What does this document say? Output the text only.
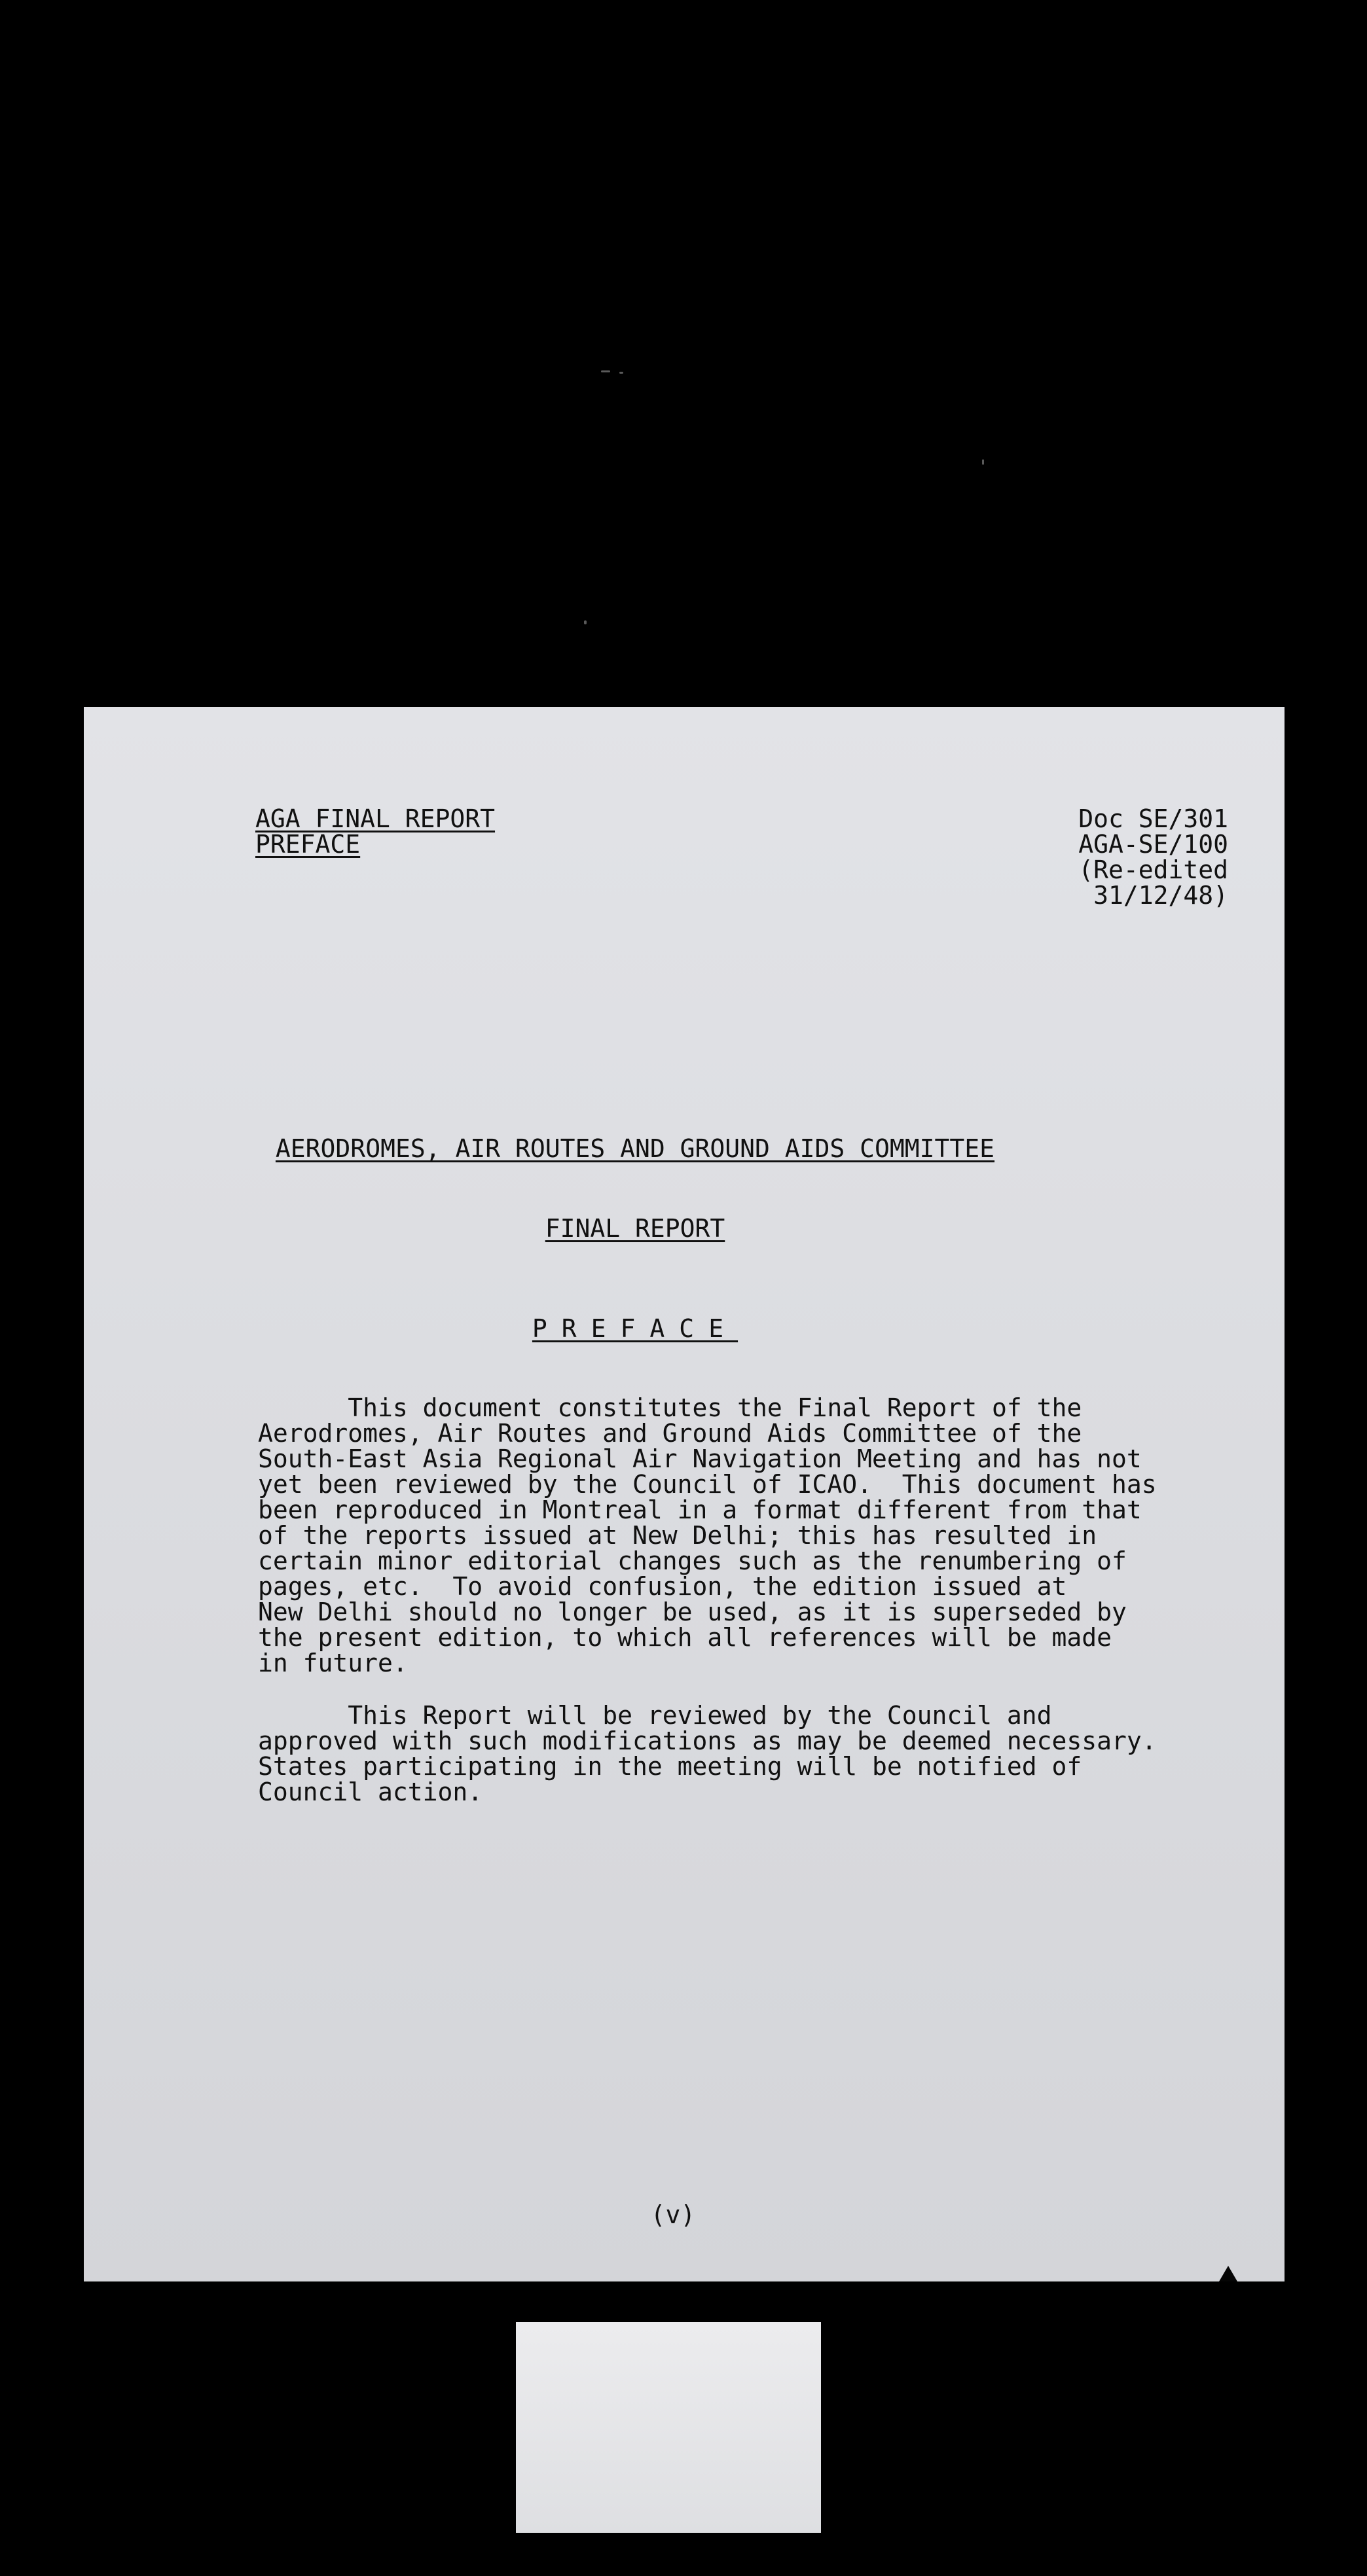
AGA FINAL REPORT
PREFACE
Doc SE/301
AGA-SE/100
(Re-edited
31/12/48)
AERODROMES, AIR ROUTES AND GROUND AIDS COMMITTEE
FINAL REPORT
PREFACE
This document constitutes the Final Report of the
Aerodromes, Air Routes and Ground Aids Committee of the
South-East Asia Regional Air Navigation Meeting and has not
yet been reviewed by the Council of ICAO.  This document has
been reproduced in Montreal in a format different from that
of the reports issued at New Delhi; this has resulted in
certain minor editorial changes such as the renumbering of
pages, etc.  To avoid confusion, the edition issued at
New Delhi should no longer be used, as it is superseded by
the present edition, to which all references will be made
in future.
This Report will be reviewed by the Council and
approved with such modifications as may be deemed necessary.
States participating in the meeting will be notified of
Council action.
(v)
